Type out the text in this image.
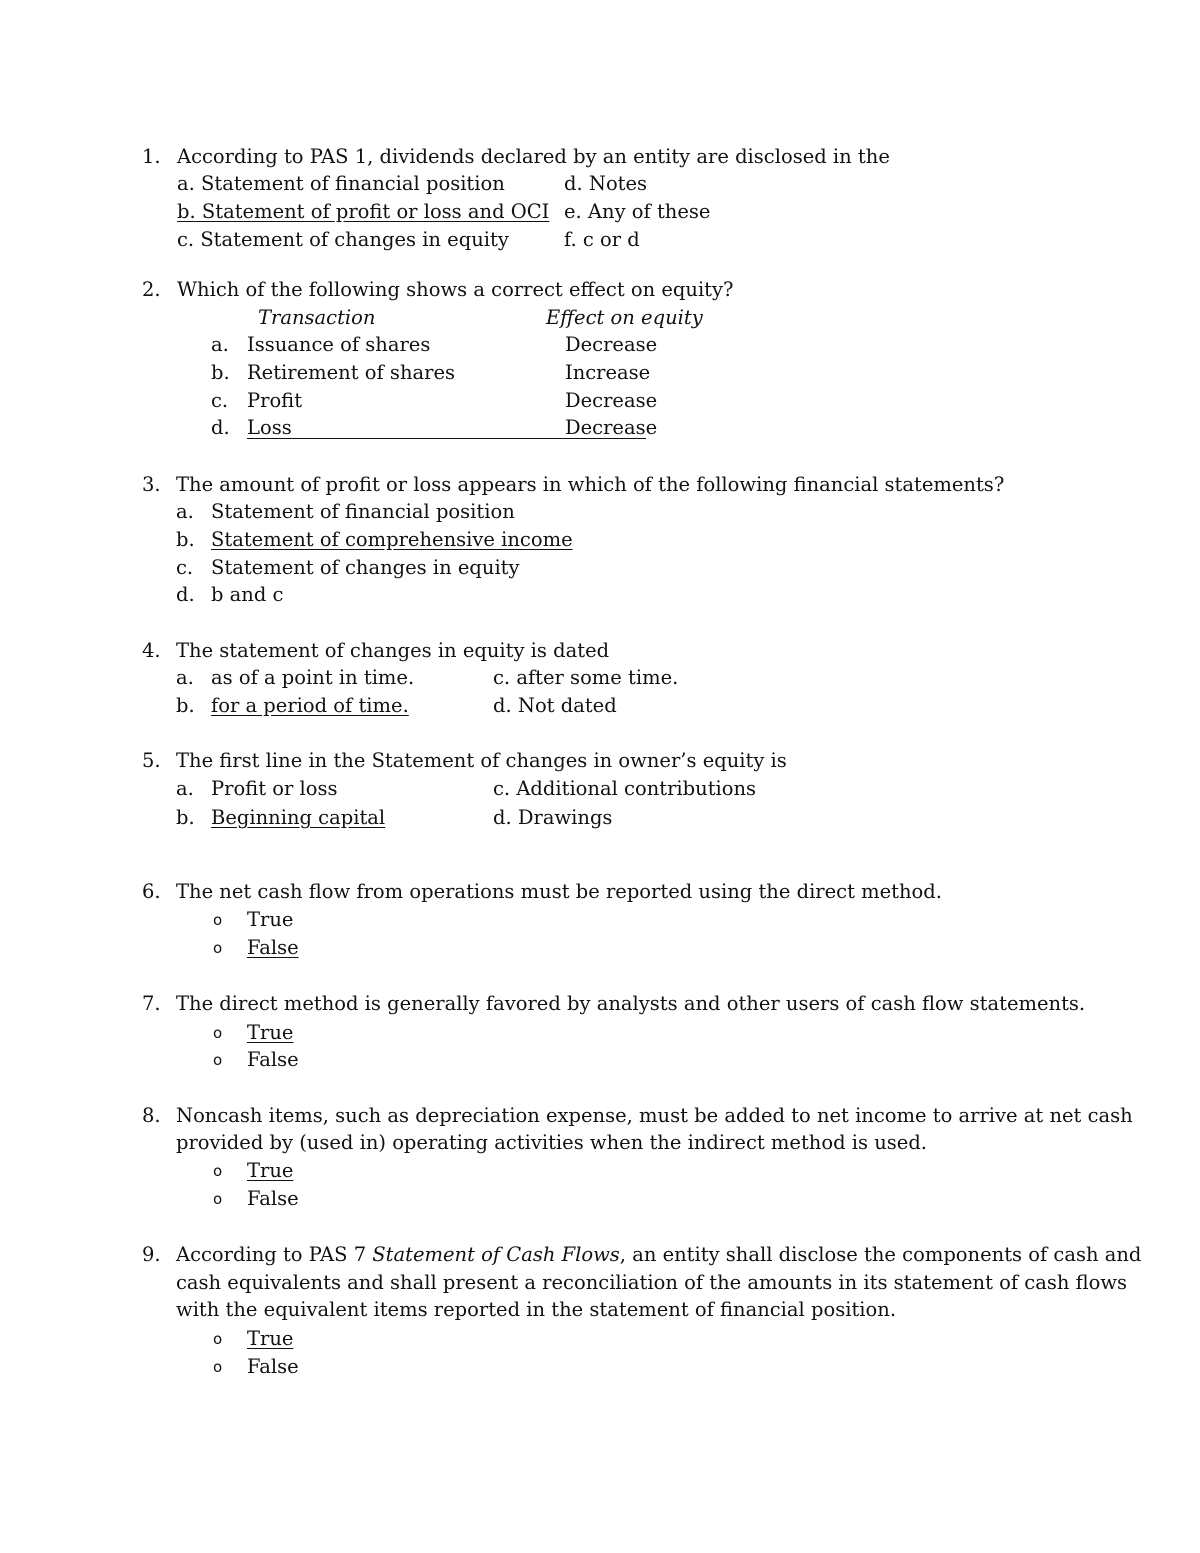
1. According to PAS 1, dividends declared by an entity are disclosed in the
a. Statement of financial position
b. Statement of profit or loss and OCI
c. Statement of changes in equity
d. Notes
e. Any of these
f. c or d
2. Which of the following shows a correct effect on equity?
Transaction	Effect on equity
a. Issuance of shares	Decrease
b. Retirement of shares	Increase
c. Profit	Decrease
d. Loss	Decrease
3. The amount of profit or loss appears in which of the following financial statements?
a. Statement of financial position
b. Statement of comprehensive income
c. Statement of changes in equity
d. b and c
4. The statement of changes in equity is dated
a. as of a point in time.
b. for a period of time.
c. after some time.
d. Not dated
5. The first line in the Statement of changes in owner’s equity is
a. Profit or loss
b. Beginning capital
c. Additional contributions
d. Drawings
6. The net cash flow from operations must be reported using the direct method.
o True
o False
7. The direct method is generally favored by analysts and other users of cash flow statements.
o True
o False
8. Noncash items, such as depreciation expense, must be added to net income to arrive at net cash
provided by (used in) operating activities when the indirect method is used.
o True
o False
9. According to PAS 7 Statement of Cash Flows, an entity shall disclose the components of cash and
cash equivalents and shall present a reconciliation of the amounts in its statement of cash flows
with the equivalent items reported in the statement of financial position.
o True
o False
